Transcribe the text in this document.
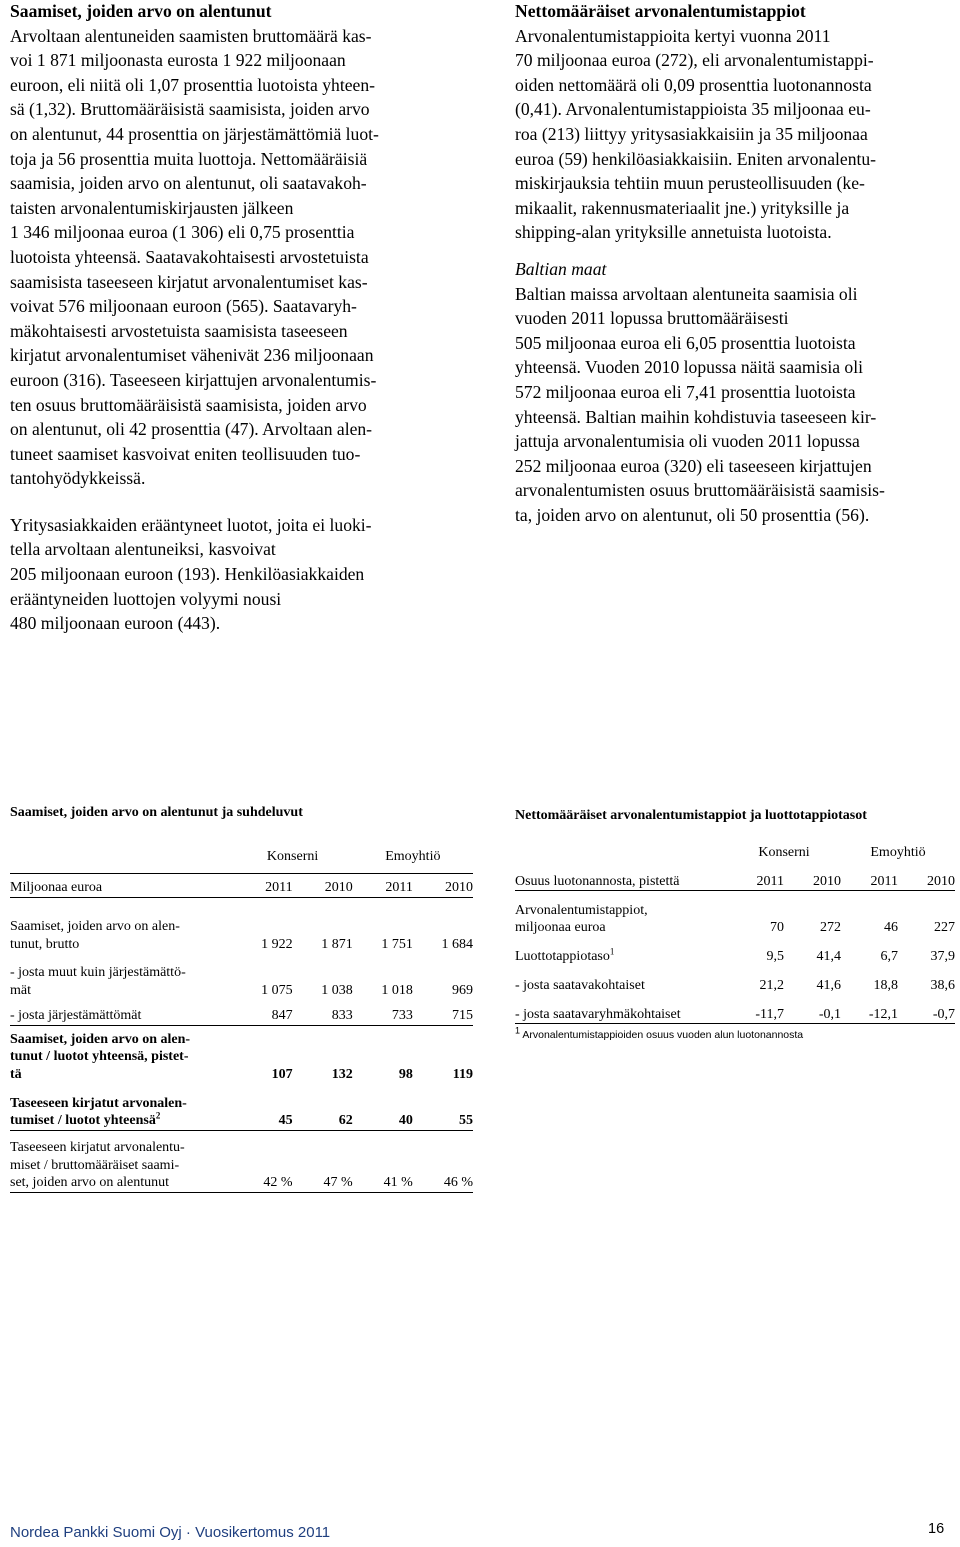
Saamiset, joiden arvo on alentunut

Arvoltaan alentuneiden saamisten bruttomäärä kas-
voi 1 871 miljoonasta eurosta 1 922 miljoonaan
euroon, eli niitä oli 1,07 prosenttia luotoista yhteen-
sä (1,32). Bruttomääräisistä saamisista, joiden arvo
on alentunut, 44 prosenttia on järjestämättömiä luot-
toja ja 56 prosenttia muita luottoja. Nettomääräisiä
saamisia, joiden arvo on alentunut, oli saatavakoh-
taisten arvonalentumiskirjausten jälkeen
1 346 miljoonaa euroa (1 306) eli 0,75 prosenttia
luotoista yhteensä. Saatavakohtaisesti arvostetuista
saamisista taseeseen kirjatut arvonalentumiset kas-
voivat 576 miljoonaan euroon (565). Saatavaryh-
mäkohtaisesti arvostetuista saamisista taseeseen
kirjatut arvonalentumiset vähenivät 236 miljoonaan
euroon (316). Taseeseen kirjattujen arvonalentumis-
ten osuus bruttomääräisistä saamisista, joiden arvo
on alentunut, oli 42 prosenttia (47). Arvoltaan alen-
tuneet saamiset kasvoivat eniten teollisuuden tuo-
tantohyödykkeissä.
Yritysasiakkaiden erääntyneet luotot, joita ei luoki-
tella arvoltaan alentuneiksi, kasvoivat
205 miljoonaan euroon (193). Henkilöasiakkaiden
erääntyneiden luottojen volyymi nousi
480 miljoonaan euroon (443).

Nettomääräiset arvonalentumistappiot

Arvonalentumistappioita kertyi vuonna 2011
70 miljoonaa euroa (272), eli arvonalentumistappi-
oiden nettomäärä oli 0,09 prosenttia luotonannosta
(0,41). Arvonalentumistappioista 35 miljoonaa eu-
roa (213) liittyy yritysasiakkaisiin ja 35 miljoonaa
euroa (59) henkilöasiakkaisiin. Eniten arvonalentu-
miskirjauksia tehtiin muun perusteollisuuden (ke-
mikaalit, rakennusmateriaalit jne.) yrityksille ja
shipping-alan yrityksille annetuista luotoista.

Baltian maat

Baltian maissa arvoltaan alentuneita saamisia oli
vuoden 2011 lopussa bruttomääräisesti
505 miljoonaa euroa eli 6,05 prosenttia luotoista
yhteensä. Vuoden 2010 lopussa näitä saamisia oli
572 miljoonaa euroa eli 7,41 prosenttia luotoista
yhteensä. Baltian maihin kohdistuvia taseeseen kir-
jattuja arvonalentumisia oli vuoden 2011 lopussa
252 miljoonaa euroa (320) eli taseeseen kirjattujen
arvonalentumisten osuus bruttomääräisistä saamisis-
ta, joiden arvo on alentunut, oli 50 prosenttia (56).
Saamiset, joiden arvo on alentunut ja suhdeluvut
	Konserni		Emoyhtiö	
Miljoonaa euroa	2011	2010	2011	2010
Saamiset, joiden arvo on alen-
tunut, brutto	1 922	1 871	1 751	1 684
- josta muut kuin järjestämättö-
mät	1 075	1 038	1 018	969
- josta järjestämättömät	847	833	733	715
Saamiset, joiden arvo on alen-
tunut / luotot yhteensä, pistet-
tä	107	132	98	119
Taseeseen kirjatut arvonalen-
tumiset / luotot yhteensä$^2$	45	62	40	55
Taseeseen kirjatut arvonalentu-
miset / bruttomääräiset saami-
set, joiden arvo on alentunut	42 %	47 %	41 %	46 %
Nettomääräiset arvonalentumistappiot ja luottotappiotasot
	Konserni		Emoyhtiö	
Osuus luotonannosta, pistettä	2011	2010	2011	2010
Arvonalentumistappiot,
miljoonaa euroa	70	272	46	227
Luottotappiotaso$^1$	9,5	41,4	6,7	37,9
- josta saatavakohtaiset	21,2	41,6	18,8	38,6
- josta saatavaryhmäkohtaiset	-11,7	-0,1	-12,1	-0,7
$^1$ Arvonalentumistappioiden osuus vuoden alun luotonannosta
Nordea Pankki Suomi Oyj · Vuosikertomus 2011	16
